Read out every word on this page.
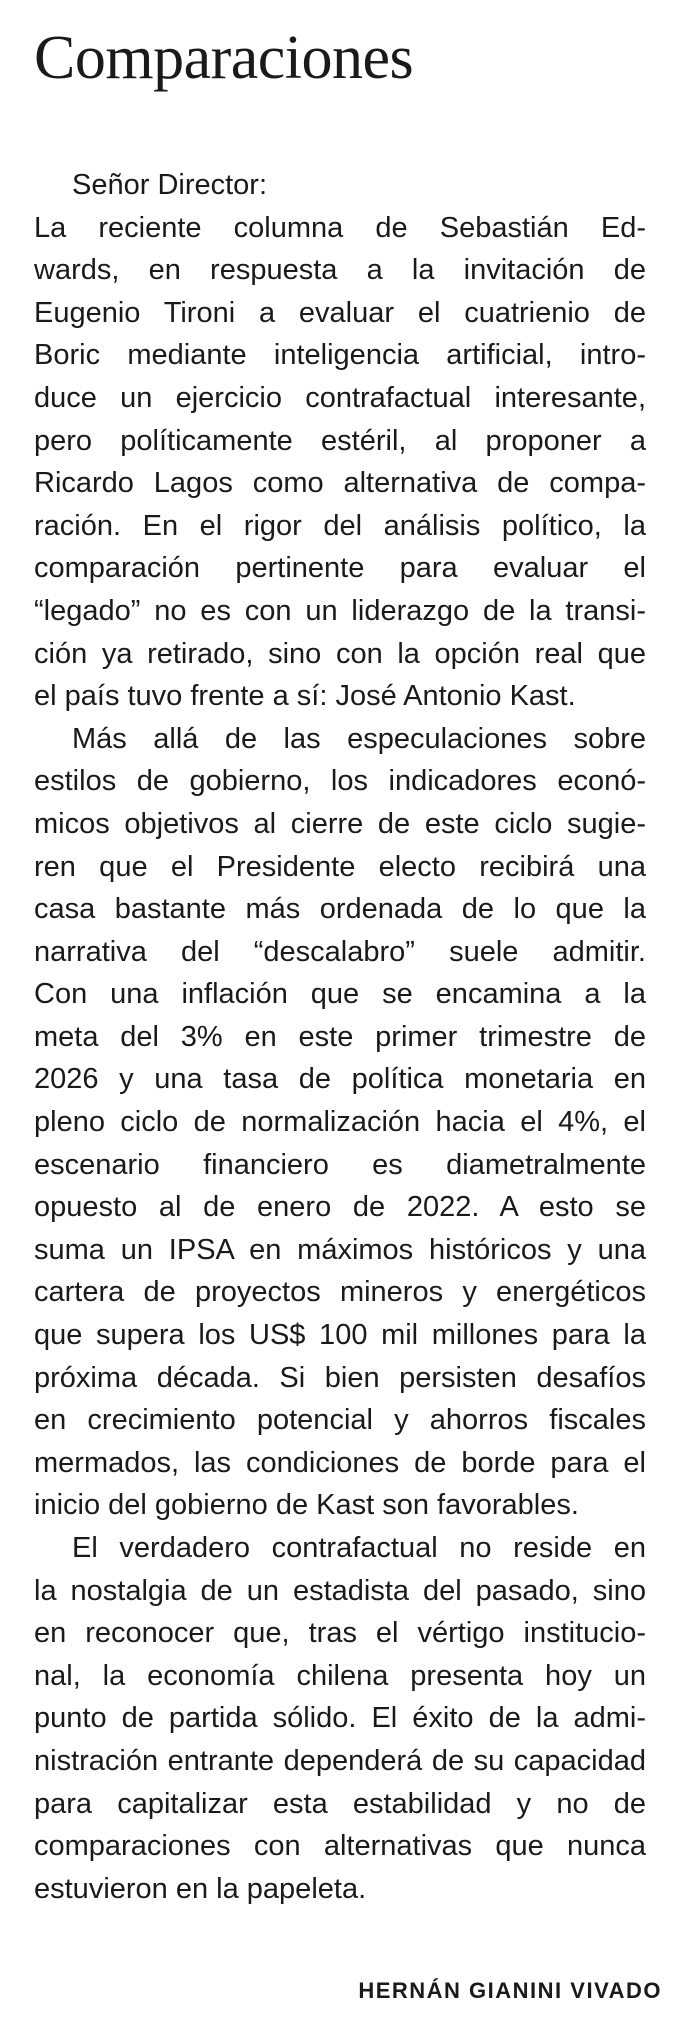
Comparaciones

Señor Director:

La reciente columna de Sebastián Ed-
wards, en respuesta a la invitación de
Eugenio Tironi a evaluar el cuatrienio de
Boric mediante inteligencia artificial, intro-
duce un ejercicio contrafactual interesante,
pero políticamente estéril, al proponer a
Ricardo Lagos como alternativa de compa-
ración. En el rigor del análisis político, la
comparación pertinente para evaluar el
“legado” no es con un liderazgo de la transi-
ción ya retirado, sino con la opción real que
el país tuvo frente a sí: José Antonio Kast.
Más allá de las especulaciones sobre
estilos de gobierno, los indicadores econó-
micos objetivos al cierre de este ciclo sugie-
ren que el Presidente electo recibirá una
casa bastante más ordenada de lo que la
narrativa del “descalabro” suele admitir.
Con una inflación que se encamina a la
meta del 3% en este primer trimestre de
2026 y una tasa de política monetaria en
pleno ciclo de normalización hacia el 4%, el
escenario financiero es diametralmente
opuesto al de enero de 2022. A esto se
suma un IPSA en máximos históricos y una
cartera de proyectos mineros y energéticos
que supera los US$ 100 mil millones para la
próxima década. Si bien persisten desafíos
en crecimiento potencial y ahorros fiscales
mermados, las condiciones de borde para el
inicio del gobierno de Kast son favorables.
El verdadero contrafactual no reside en
la nostalgia de un estadista del pasado, sino
en reconocer que, tras el vértigo institucio-
nal, la economía chilena presenta hoy un
punto de partida sólido. El éxito de la admi-
nistración entrante dependerá de su capacidad
para capitalizar esta estabilidad y no de
comparaciones con alternativas que nunca
estuvieron en la papeleta.

HERNÁN GIANINI VIVADO
